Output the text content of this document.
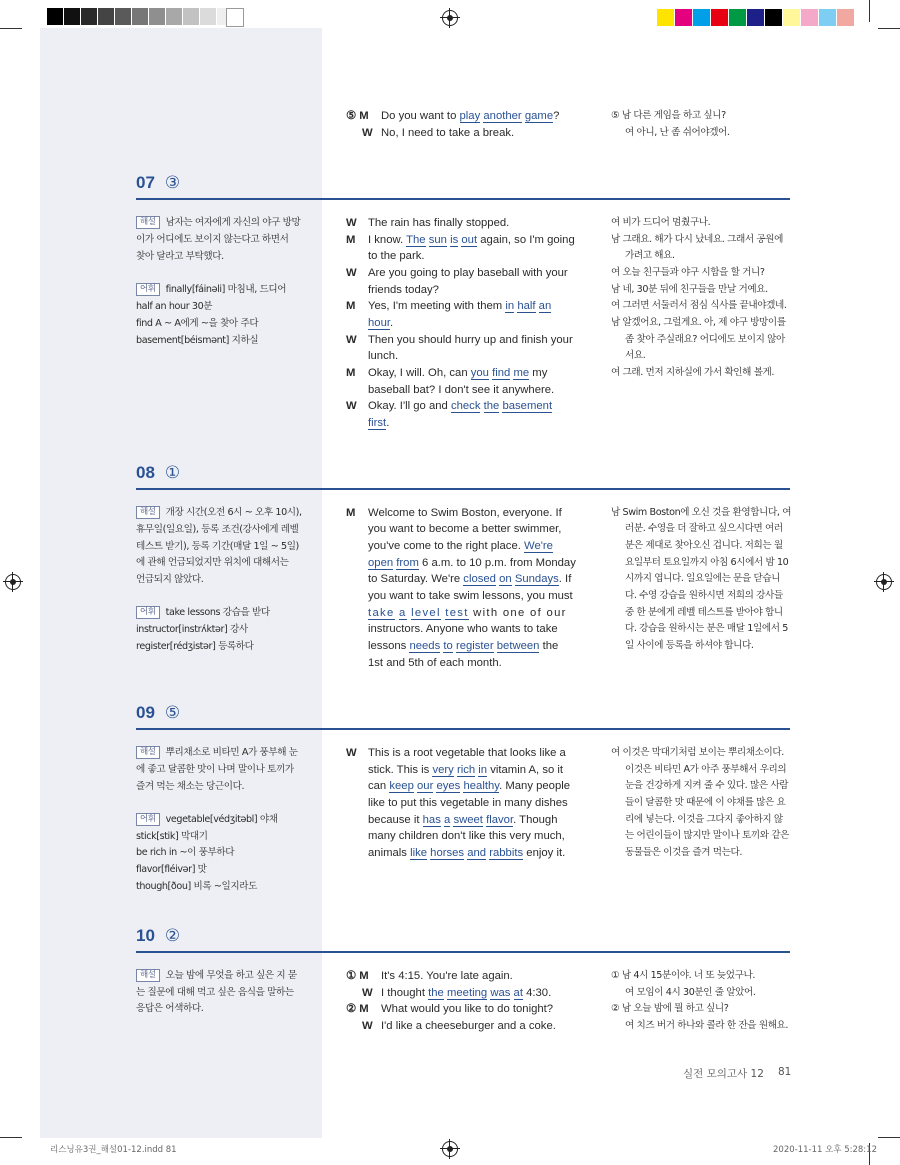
⑤ M Do you want to play another game?
W No, I need to take a break.
⑤ 남 다른 게임을 하고 싶니?
여 아니, 난 좀 쉬어야겠어.
07 ③
해설 남자는 여자에게 자신의 야구 방망
이가 어디에도 보이지 않는다고 하면서
찾아 달라고 부탁했다.
어휘 finally[fáinəli] 마침내, 드디어
half an hour 30분
find A ~ A에게 ~을 찾아 주다
basement[béismənt] 지하실
W The rain has finally stopped.
M I know. The sun is out again, so I'm going
to the park.
W Are you going to play baseball with your
friends today?
M Yes, I'm meeting with them in half an
hour.
W Then you should hurry up and finish your
lunch.
M Okay, I will. Oh, can you find me my
baseball bat? I don't see it anywhere.
W Okay. I'll go and check the basement
first.
여 비가 드디어 멈췄구나.
남 그래요. 해가 다시 났네요. 그래서 공원에
가려고 해요.
여 오늘 친구들과 야구 시합을 할 거니?
남 네, 30분 뒤에 친구들을 만날 거예요.
여 그러면 서둘러서 점심 식사를 끝내야겠네.
남 알겠어요, 그럴게요. 아, 제 야구 방망이를
좀 찾아 주실래요? 어디에도 보이지 않아
서요.
여 그래. 먼저 지하실에 가서 확인해 볼게.
08 ①
해설 개장 시간(오전 6시 ~ 오후 10시),
휴무일(일요일), 등록 조건(강사에게 레벨
테스트 받기), 등록 기간(매달 1일 ~ 5일)
에 관해 언급되었지만 위치에 대해서는
언급되지 않았다.
어휘 take lessons 강습을 받다
instructor[instrʌ́ktər] 강사
register[rédʒistər] 등록하다
M Welcome to Swim Boston, everyone. If
you want to become a better swimmer,
you've come to the right place. We're
open from 6 a.m. to 10 p.m. from Monday
to Saturday. We're closed on Sundays. If
you want to take swim lessons, you must
take a level test with one of our
instructors. Anyone who wants to take
lessons needs to register between the
1st and 5th of each month.
남 Swim Boston에 오신 것을 환영합니다, 여
러분. 수영을 더 잘하고 싶으시다면 여러
분은 제대로 찾아오신 겁니다. 저희는 월
요일부터 토요일까지 아침 6시에서 밤 10
시까지 엽니다. 일요일에는 문을 닫습니
다. 수영 강습을 원하시면 저희의 강사들
중 한 분에게 레벨 테스트를 받아야 합니
다. 강습을 원하시는 분은 매달 1일에서 5
일 사이에 등록을 하셔야 합니다.
09 ⑤
해설 뿌리채소로 비타민 A가 풍부해 눈
에 좋고 달콤한 맛이 나며 말이나 토끼가
즐겨 먹는 채소는 당근이다.
어휘 vegetable[védʒitəbl] 야채
stick[stik] 막대기
be rich in ~이 풍부하다
flavor[fléivər] 맛
though[ðou] 비록 ~일지라도
W This is a root vegetable that looks like a
stick. This is very rich in vitamin A, so it
can keep our eyes healthy. Many people
like to put this vegetable in many dishes
because it has a sweet flavor. Though
many children don't like this very much,
animals like horses and rabbits enjoy it.
여 이것은 막대기처럼 보이는 뿌리채소이다.
이것은 비타민 A가 아주 풍부해서 우리의
눈을 건강하게 지켜 줄 수 있다. 많은 사람
들이 달콤한 맛 때문에 이 야채를 많은 요
리에 넣는다. 이것을 그다지 좋아하지 않
는 어린이들이 많지만 말이나 토끼와 같은
동물들은 이것을 즐겨 먹는다.
10 ②
해설 오늘 밤에 무엇을 하고 싶은 지 묻
는 질문에 대해 먹고 싶은 음식을 말하는
응답은 어색하다.
① M It's 4:15. You're late again.
W I thought the meeting was at 4:30.
② M What would you like to do tonight?
W I'd like a cheeseburger and a coke.
① 남 4시 15분이야. 너 또 늦었구나.
여 모임이 4시 30분인 줄 알았어.
② 남 오늘 밤에 뭘 하고 싶니?
여 치즈 버거 하나와 콜라 한 잔을 원해요.
실전 모의고사 12 81
리스닝유3권_해설01-12.indd 81	2020-11-11 오후 5:28:12
